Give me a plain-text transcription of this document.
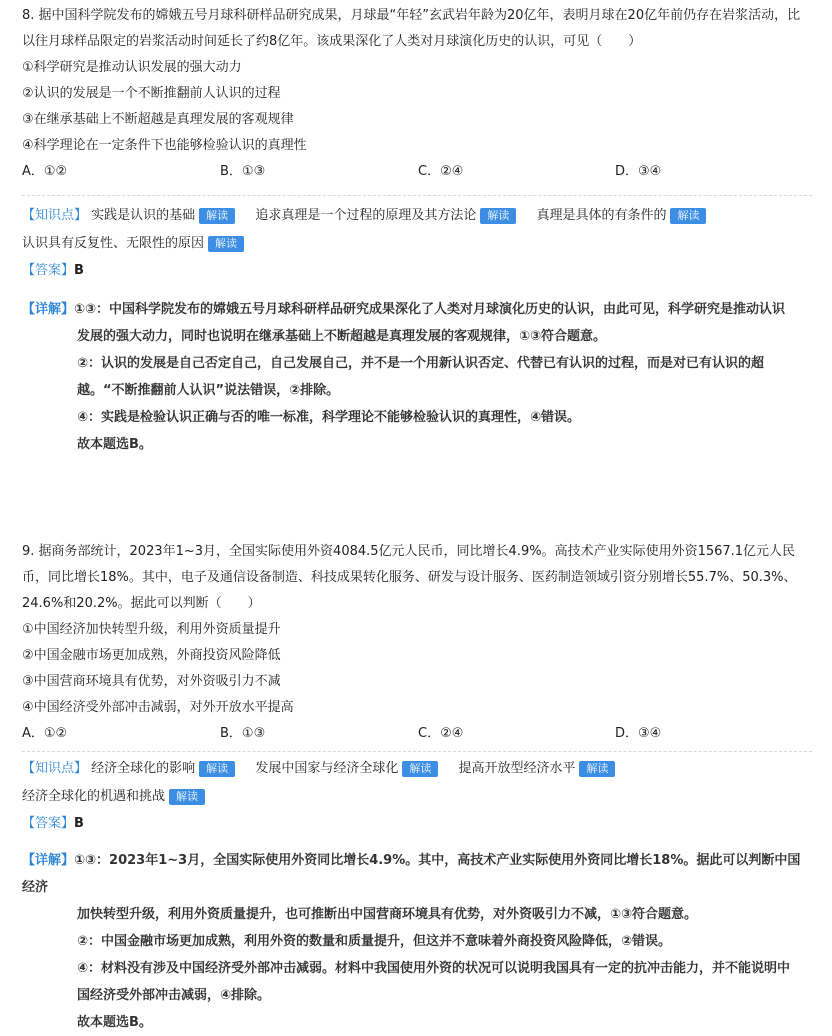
8. 据中国科学院发布的嫦娥五号月球科研样品研究成果，月球最“年轻”玄武岩年龄为20亿年，表明月球在20亿年前仍存在岩浆活动，比以往月球样品限定的岩浆活动时间延长了约8亿年。该成果深化了人类对月球演化历史的认识，可见（　　）
①科学研究是推动认识发展的强大动力
②认识的发展是一个不断推翻前人认识的过程
③在继承基础上不断超越是真理发展的客观规律
④科学理论在一定条件下也能够检验认识的真理性
A．①②	B．①③	C．②④	D．③④
【知识点】 实践是认识的基础 解读 追求真理是一个过程的原理及其方法论 解读 真理是具体的有条件的 解读
认识具有反复性、无限性的原因 解读
【答案】B
【详解】①③：中国科学院发布的嫦娥五号月球科研样品研究成果深化了人类对月球演化历史的认识，由此可见，科学研究是推动认识
发展的强大动力，同时也说明在继承基础上不断超越是真理发展的客观规律，①③符合题意。
②：认识的发展是自己否定自己，自己发展自己，并不是一个用新认识否定、代替已有认识的过程，而是对已有认识的超
越。“不断推翻前人认识”说法错误，②排除。
④：实践是检验认识正确与否的唯一标准，科学理论不能够检验认识的真理性，④错误。
故本题选B。
9. 据商务部统计，2023年1~3月，全国实际使用外资4084.5亿元人民币，同比增长4.9%。高技术产业实际使用外资1567.1亿元人民币，同比增长18%。其中，电子及通信设备制造、科技成果转化服务、研发与设计服务、医药制造领域引资分别增长55.7%、50.3%、24.6%和20.2%。据此可以判断（　　）
①中国经济加快转型升级，利用外资质量提升
②中国金融市场更加成熟，外商投资风险降低
③中国营商环境具有优势，对外资吸引力不减
④中国经济受外部冲击减弱，对外开放水平提高
A．①②	B．①③	C．②④	D．③④
【知识点】 经济全球化的影响 解读 发展中国家与经济全球化 解读 提高开放型经济水平 解读
经济全球化的机遇和挑战 解读
【答案】B
【详解】①③：2023年1~3月，全国实际使用外资同比增长4.9%。其中，高技术产业实际使用外资同比增长18%。据此可以判断中国经济
加快转型升级，利用外资质量提升，也可推断出中国营商环境具有优势，对外资吸引力不减，①③符合题意。
②：中国金融市场更加成熟，利用外资的数量和质量提升，但这并不意味着外商投资风险降低，②错误。
④：材料没有涉及中国经济受外部冲击减弱。材料中我国使用外资的状况可以说明我国具有一定的抗冲击能力，并不能说明中
国经济受外部冲击减弱，④排除。
故本题选B。
